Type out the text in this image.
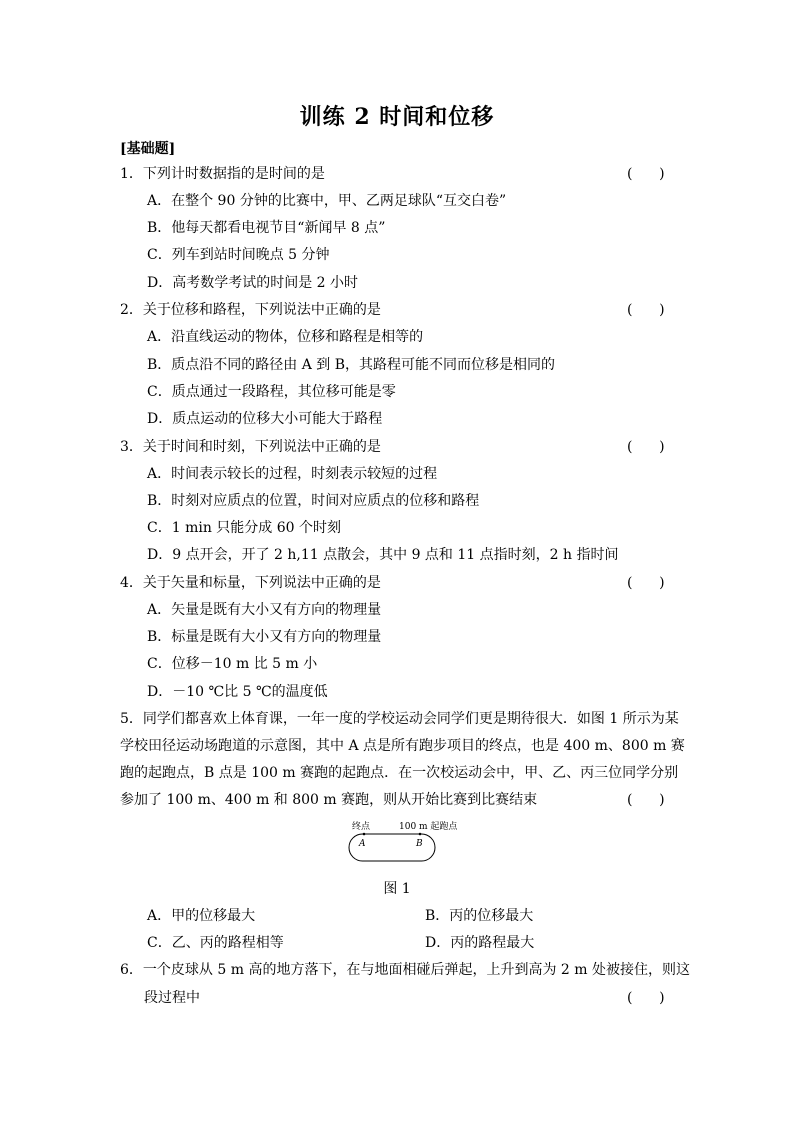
训练 2 时间和位移
[基础题]
1．下列计时数据指的是时间的是	(      )
A．在整个 90 分钟的比赛中，甲、乙两足球队“互交白卷”
B．他每天都看电视节目“新闻早 8 点”
C．列车到站时间晚点 5 分钟
D．高考数学考试的时间是 2 小时
2．关于位移和路程，下列说法中正确的是	(      )
A．沿直线运动的物体，位移和路程是相等的
B．质点沿不同的路径由 A 到 B，其路程可能不同而位移是相同的
C．质点通过一段路程，其位移可能是零
D．质点运动的位移大小可能大于路程
3．关于时间和时刻，下列说法中正确的是	(      )
A．时间表示较长的过程，时刻表示较短的过程
B．时刻对应质点的位置，时间对应质点的位移和路程
C．1 min 只能分成 60 个时刻
D．9 点开会，开了 2 h,11 点散会，其中 9 点和 11 点指时刻，2 h 指时间
4．关于矢量和标量，下列说法中正确的是	(      )
A．矢量是既有大小又有方向的物理量
B．标量是既有大小又有方向的物理量
C．位移－10 m 比 5 m 小
D．－10 ℃比 5 ℃的温度低
5．同学们都喜欢上体育课，一年一度的学校运动会同学们更是期待很大．如图 1 所示为某
学校田径运动场跑道的示意图，其中 A 点是所有跑步项目的终点，也是 400 m、800 m 赛
跑的起跑点，B 点是 100 m 赛跑的起跑点．在一次校运动会中，甲、乙、丙三位同学分别
参加了 100 m、400 m 和 800 m 赛跑，则从开始比赛到比赛结束	(      )
终点	100 m 起跑点
A	B
图 1
A．甲的位移最大	B．丙的位移最大
C．乙、丙的路程相等	D．丙的路程最大
6．一个皮球从 5 m 高的地方落下，在与地面相碰后弹起，上升到高为 2 m 处被接住，则这
段过程中	(      )
